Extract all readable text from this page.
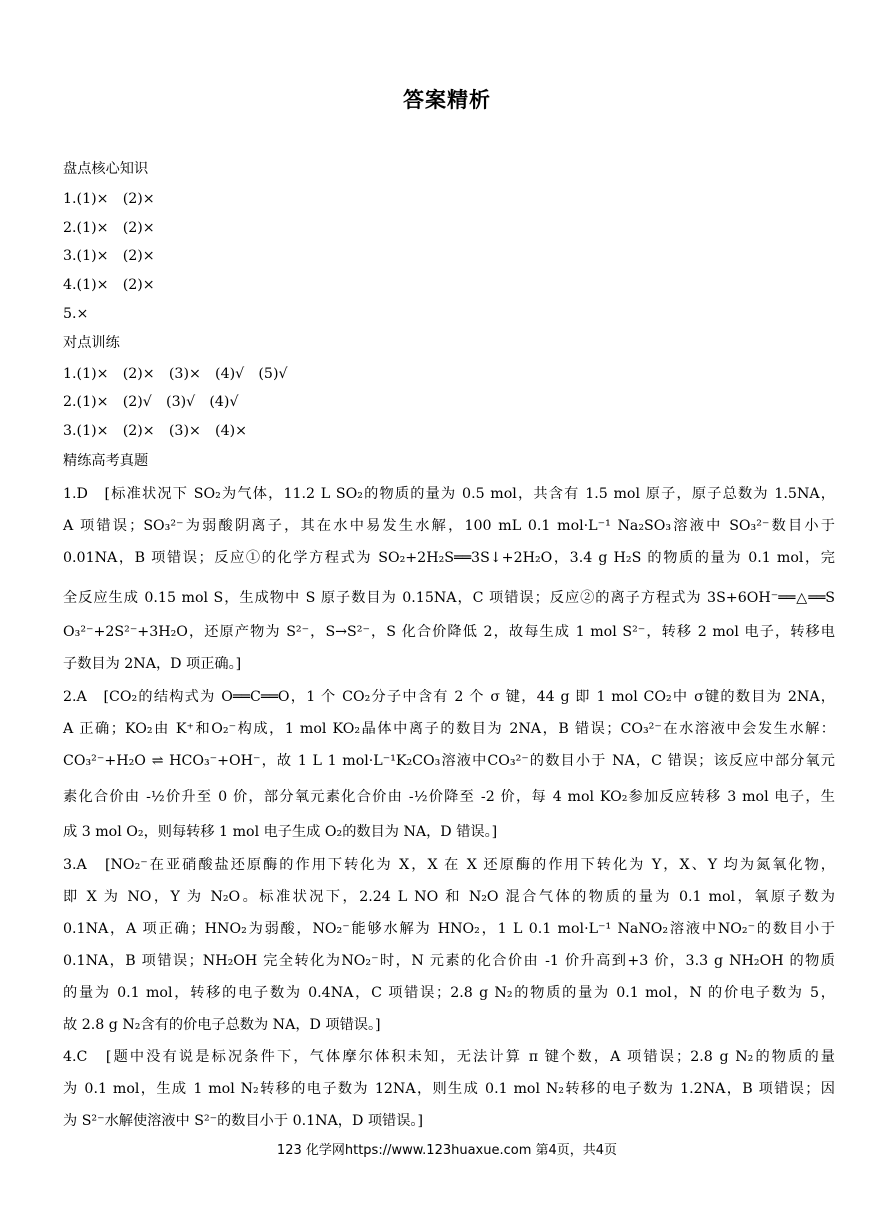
答案精析
盘点核心知识
1.(1)×　(2)×
2.(1)×　(2)×
3.(1)×　(2)×
4.(1)×　(2)×
5.×
对点训练
1.(1)×　(2)×　(3)×　(4)√　(5)√
2.(1)×　(2)√　(3)√　(4)√
3.(1)×　(2)×　(3)×　(4)×
精练高考真题
1.D　[标准状况下 SO₂为气体，11.2 L SO₂的物质的量为 0.5 mol，共含有 1.5 mol 原子，原子总数为 1.5NA，
A 项错误；SO₃²⁻为弱酸阴离子，其在水中易发生水解，100 mL 0.1 mol·L⁻¹ Na₂SO₃溶液中 SO₃²⁻数目小于
0.01NA，B 项错误；反应①的化学方程式为 SO₂+2H₂S══3S↓+2H₂O，3.4 g H₂S 的物质的量为 0.1 mol，完
全反应生成 0.15 mol S，生成物中 S 原子数目为 0.15NA，C 项错误；反应②的离子方程式为 3S+6OH⁻══△══S
O₃²⁻+2S²⁻+3H₂O，还原产物为 S²⁻，S→S²⁻，S 化合价降低 2，故每生成 1 mol S²⁻，转移 2 mol 电子，转移电
子数目为 2NA，D 项正确。]
2.A　[CO₂的结构式为 O══C══O，1 个 CO₂分子中含有 2 个 σ 键，44 g 即 1 mol CO₂中 σ键的数目为 2NA，
A 正确；KO₂由 K⁺和O₂⁻构成，1 mol KO₂晶体中离子的数目为 2NA，B 错误；CO₃²⁻在水溶液中会发生水解：
CO₃²⁻+H₂O ⇌ HCO₃⁻+OH⁻，故 1 L 1 mol·L⁻¹K₂CO₃溶液中CO₃²⁻的数目小于 NA，C 错误；该反应中部分氧元
素化合价由 -½价升至 0 价，部分氧元素化合价由 -½价降至 -2 价，每 4 mol KO₂参加反应转移 3 mol 电子，生
成 3 mol O₂，则每转移 1 mol 电子生成 O₂的数目为 NA，D 错误。]
3.A　[NO₂⁻在亚硝酸盐还原酶的作用下转化为 X，X 在 X 还原酶的作用下转化为 Y，X、Y 均为氮氧化物，
即 X 为 NO，Y 为 N₂O。标准状况下，2.24 L NO 和 N₂O 混合气体的物质的量为 0.1 mol，氧原子数为
0.1NA，A 项正确；HNO₂为弱酸，NO₂⁻能够水解为 HNO₂，1 L 0.1 mol·L⁻¹ NaNO₂溶液中NO₂⁻的数目小于
0.1NA，B 项错误；NH₂OH 完全转化为NO₂⁻时，N 元素的化合价由 -1 价升高到+3 价，3.3 g NH₂OH 的物质
的量为 0.1 mol，转移的电子数为 0.4NA，C 项错误；2.8 g N₂的物质的量为 0.1 mol，N 的价电子数为 5，
故 2.8 g N₂含有的价电子总数为 NA，D 项错误。]
4.C　[题中没有说是标况条件下，气体摩尔体积未知，无法计算 π 键个数，A 项错误；2.8 g N₂的物质的量
为 0.1 mol，生成 1 mol N₂转移的电子数为 12NA，则生成 0.1 mol N₂转移的电子数为 1.2NA，B 项错误；因
为 S²⁻水解使溶液中 S²⁻的数目小于 0.1NA，D 项错误。]
123 化学网https://www.123huaxue.com 第4页，共4页
